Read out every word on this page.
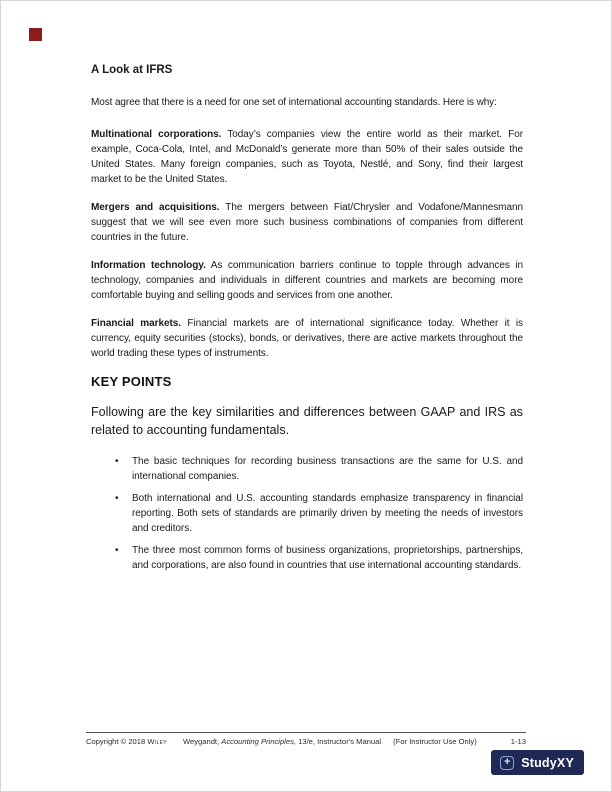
A Look at IFRS

Most agree that there is a need for one set of international accounting standards. Here is why:

Multinational corporations. Today’s companies view the entire world as their market. For example, Coca-Cola, Intel, and McDonald’s generate more than 50% of their sales outside the United States. Many foreign companies, such as Toyota, Nestlé, and Sony, find their largest market to be the United States.

Mergers and acquisitions. The mergers between Fiat/Chrysler and Vodafone/Mannesmann suggest that we will see even more such business combinations of companies from different countries in the future.

Information technology. As communication barriers continue to topple through advances in technology, companies and individuals in different countries and markets are becoming more comfortable buying and selling goods and services from one another.

Financial markets. Financial markets are of international significance today. Whether it is currency, equity securities (stocks), bonds, or derivatives, there are active markets throughout the world trading these types of instruments.

KEY POINTS

Following are the key similarities and differences between GAAP and IRS as related to accounting fundamentals.

•	The basic techniques for recording business transactions are the same for U.S. and international companies.
•	Both international and U.S. accounting standards emphasize transparency in financial reporting. Both sets of standards are primarily driven by meeting the needs of investors and creditors.
•	The three most common forms of business organizations, proprietorships, partnerships, and corporations, are also found in countries that use international accounting standards.
Copyright © 2018 Wiley Weygandt, Accounting Principles, 13/e, Instructor's Manual (For Instructor Use Only)	1-13
+ StudyXY
